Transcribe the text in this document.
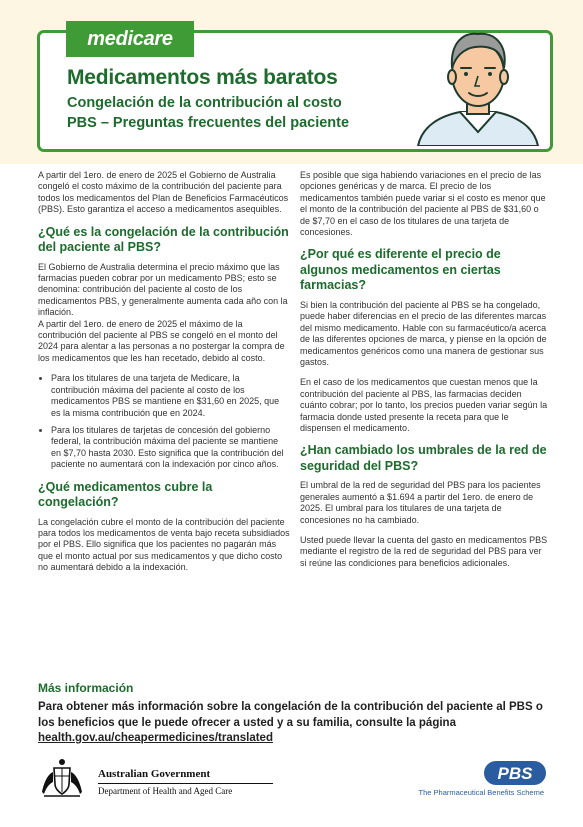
medicare
Medicamentos más baratos
Congelación de la contribución al costo
PBS – Preguntas frecuentes del paciente

A partir del 1ero. de enero de 2025 el Gobierno de Australia congeló el costo máximo de la contribución del paciente para todos los medicamentos del Plan de Beneficios Farmacéuticos (PBS). Esto garantiza el acceso a medicamentos asequibles.

¿Qué es la congelación de la contribución del paciente al PBS?

El Gobierno de Australia determina el precio máximo que las farmacias pueden cobrar por un medicamento PBS; esto se denomina: contribución del paciente al costo de los medicamentos PBS, y generalmente aumenta cada año con la inflación.

A partir del 1ero. de enero de 2025 el máximo de la contribución del paciente al PBS se congeló en el monto del 2024 para alentar a las personas a no postergar la compra de los medicamentos que les han recetado, debido al costo.

• Para los titulares de una tarjeta de Medicare, la contribución máxima del paciente al costo de los medicamentos PBS se mantiene en $31,60 en 2025, que es la misma contribución que en 2024.
• Para los titulares de tarjetas de concesión del gobierno federal, la contribución máxima del paciente se mantiene en $7,70 hasta 2030. Esto significa que la contribución del paciente no aumentará con la indexación por cinco años.
¿Qué medicamentos cubre la congelación?

La congelación cubre el monto de la contribución del paciente para todos los medicamentos de venta bajo receta subsidiados por el PBS. Ello significa que los pacientes no pagarán más que el monto actual por sus medicamentos y que dicho costo no aumentará debido a la indexación.

Es posible que siga habiendo variaciones en el precio de las opciones genéricas y de marca. El precio de los medicamentos también puede variar si el costo es menor que el monto de la contribución del paciente al PBS de $31,60 o de $7,70 en el caso de los titulares de una tarjeta de concesiones.

¿Por qué es diferente el precio de algunos medicamentos en ciertas farmacias?

Si bien la contribución del paciente al PBS se ha congelado, puede haber diferencias en el precio de las diferentes marcas del mismo medicamento. Hable con su farmacéutico/a acerca de las diferentes opciones de marca, y piense en la opción de medicamentos genéricos como una manera de gestionar sus gastos.

En el caso de los medicamentos que cuestan menos que la contribución del paciente al PBS, las farmacias deciden cuánto cobrar; por lo tanto, los precios pueden variar según la farmacia donde usted presente la receta para que le dispensen el medicamento.

¿Han cambiado los umbrales de la red de seguridad del PBS?

El umbral de la red de seguridad del PBS para los pacientes generales aumentó a $1.694 a partir del 1ero. de enero de 2025. El umbral para los titulares de una tarjeta de concesiones no ha cambiado.

Usted puede llevar la cuenta del gasto en medicamentos PBS mediante el registro de la red de seguridad del PBS para ver si reúne las condiciones para beneficios adicionales.

Más información

Para obtener más información sobre la congelación de la contribución del paciente al PBS o los beneficios que le puede ofrecer a usted y a su familia, consulte la página health.gov.au/cheapermedicines/translated

Australian Government
Department of Health and Aged Care
PBS
The Pharmaceutical Benefits Scheme
